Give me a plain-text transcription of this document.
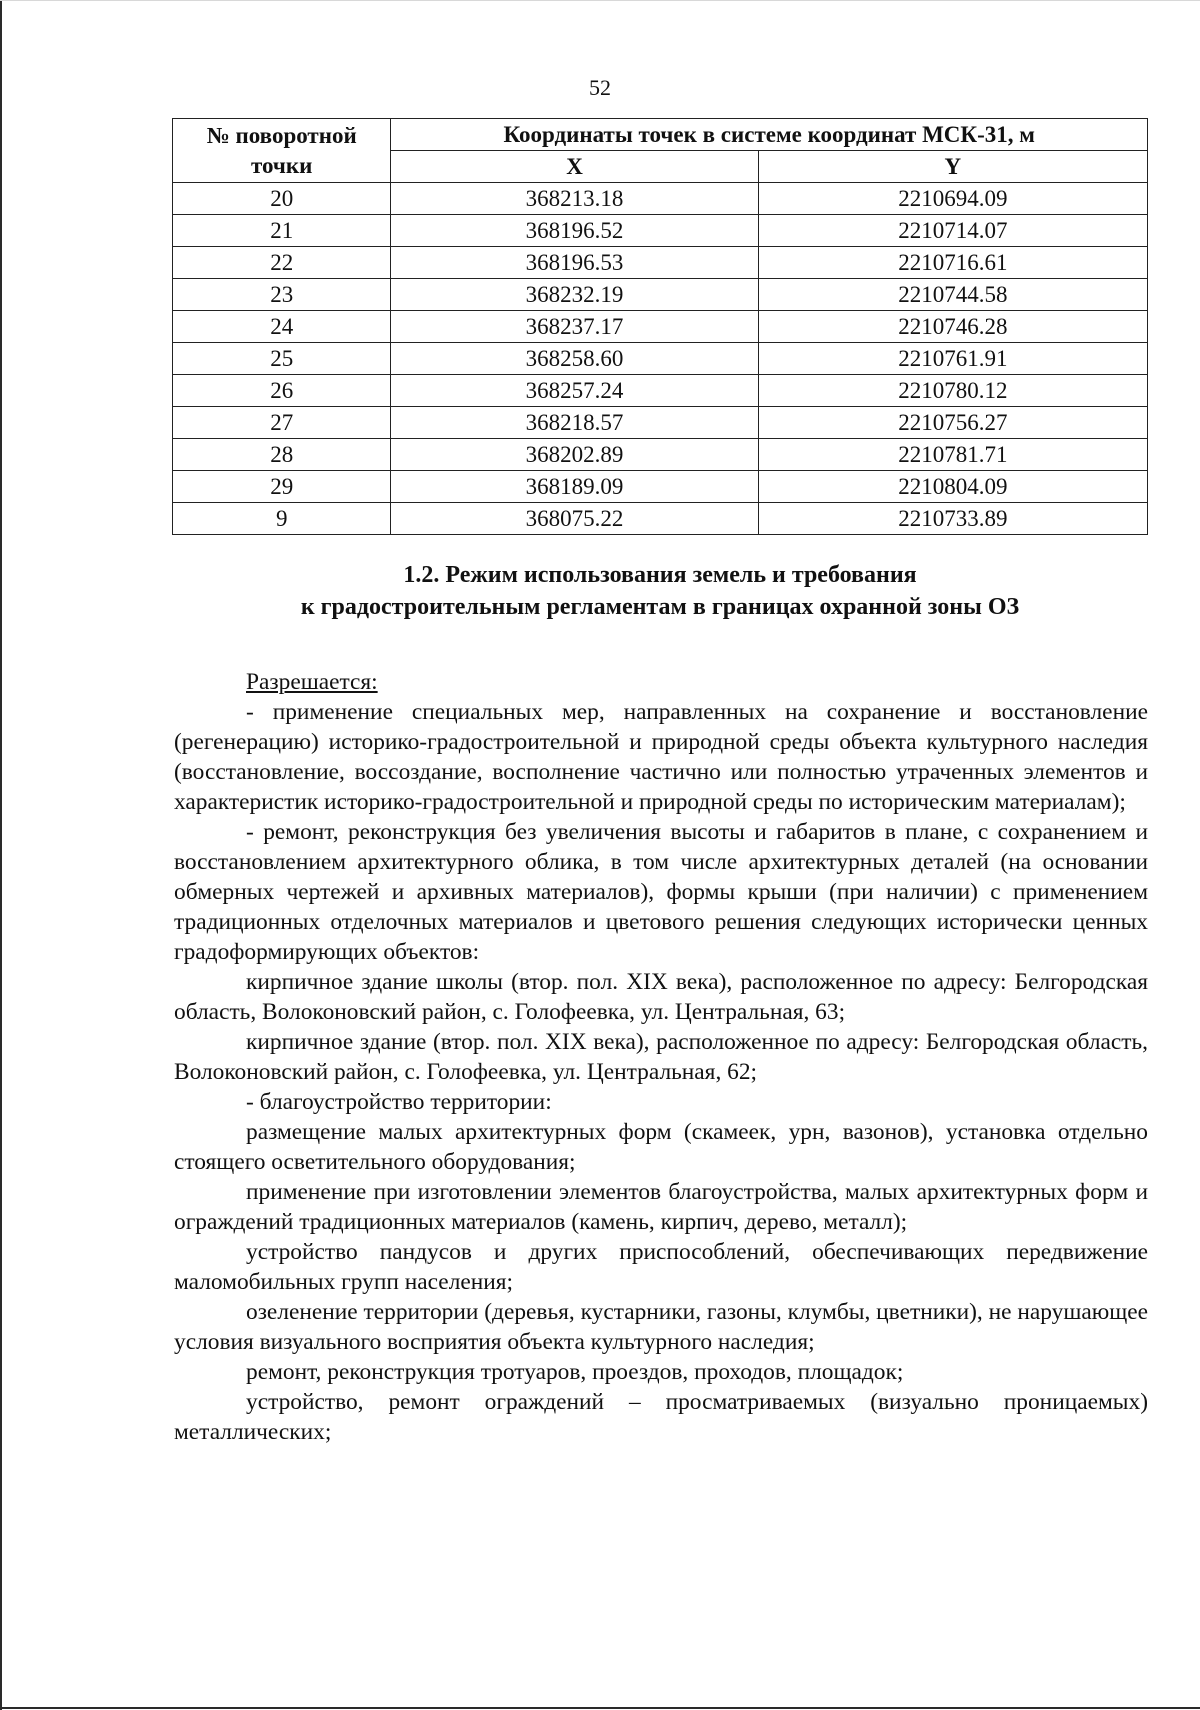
52
№ поворотной
точки	Координаты точек в системе координат МСК-31, м	
	X	Y
20	368213.18	2210694.09
21	368196.52	2210714.07
22	368196.53	2210716.61
23	368232.19	2210744.58
24	368237.17	2210746.28
25	368258.60	2210761.91
26	368257.24	2210780.12
27	368218.57	2210756.27
28	368202.89	2210781.71
29	368189.09	2210804.09
9	368075.22	2210733.89
1.2. Режим использования земель и требования
к градостроительным регламентам в границах охранной зоны ОЗ

Разрешается:

- применение специальных мер, направленных на сохранение и восстановление (регенерацию) историко-градостроительной и природной среды объекта культурного наследия (восстановление, воссоздание, восполнение частично или полностью утраченных элементов и характеристик историко-градостроительной и природной среды по историческим материалам);

- ремонт, реконструкция без увеличения высоты и габаритов в плане, с сохранением и восстановлением архитектурного облика, в том числе архитектурных деталей (на основании обмерных чертежей и архивных материалов), формы крыши (при наличии) с применением традиционных отделочных материалов и цветового решения следующих исторически ценных градоформирующих объектов:

кирпичное здание школы (втор. пол. XIX века), расположенное по адресу: Белгородская область, Волоконовский район, с. Голофеевка, ул. Центральная, 63;

кирпичное здание (втор. пол. XIX века), расположенное по адресу: Белгородская область, Волоконовский район, с. Голофеевка, ул. Центральная, 62;

- благоустройство территории:

размещение малых архитектурных форм (скамеек, урн, вазонов), установка отдельно стоящего осветительного оборудования;

применение при изготовлении элементов благоустройства, малых архитектурных форм и ограждений традиционных материалов (камень, кирпич, дерево, металл);

устройство пандусов и других приспособлений, обеспечивающих передвижение маломобильных групп населения;

озеленение территории (деревья, кустарники, газоны, клумбы, цветники), не нарушающее условия визуального восприятия объекта культурного наследия;

ремонт, реконструкция тротуаров, проездов, проходов, площадок;

устройство, ремонт ограждений – просматриваемых (визуально проницаемых) металлических;
